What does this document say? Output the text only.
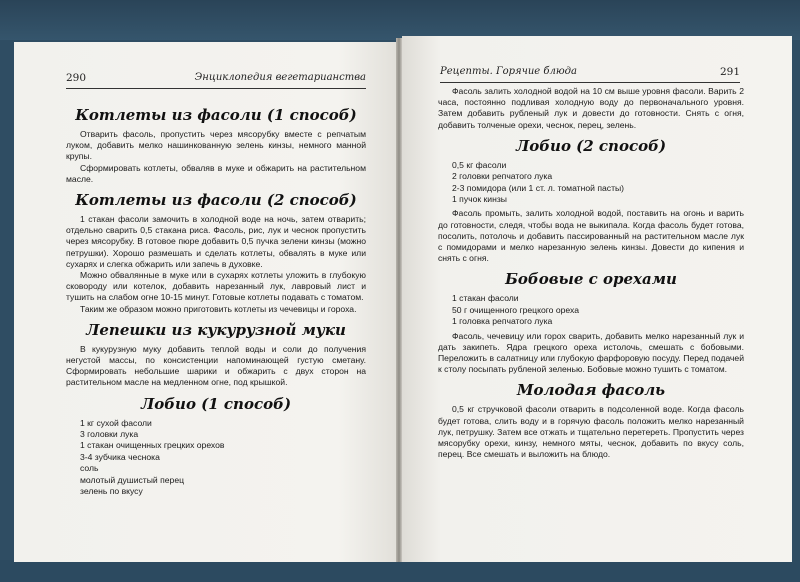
290	Энциклопедия вегетарианства
Котлеты из фасоли (1 способ)

Отварить фасоль, пропустить через мясорубку вместе с репчатым луком, добавить мелко нашинкованную зелень кинзы, немного манной крупы.

Сформировать котлеты, обваляв в муке и обжарить на растительном масле.

Котлеты из фасоли (2 способ)

1 стакан фасоли замочить в холодной воде на ночь, затем отварить; отдельно сварить 0,5 стакана риса. Фасоль, рис, лук и чеснок пропустить через мясорубку. В готовое пюре добавить 0,5 пучка зелени кинзы (можно петрушки). Хорошо размешать и сделать котлеты, обвалять в муке или сухарях и слегка обжарить или запечь в духовке.

Можно обвалянные в муке или в сухарях котлеты уложить в глубокую сковороду или котелок, добавить нарезанный лук, лавровый лист и тушить на слабом огне 10-15 минут. Готовые котлеты подавать с томатом.

Таким же образом можно приготовить котлеты из чечевицы и гороха.

Лепешки из кукурузной муки

В кукурузную муку добавить теплой воды и соли до получения негустой массы, по консистенции напоминающей густую сметану. Сформировать небольшие шарики и обжарить с двух сторон на растительном масле на медленном огне, под крышкой.

Лобио (1 способ)
1 кг сухой фасоли
3 головки лука
1 стакан очищенных грецких орехов
3-4 зубчика чеснока
соль
молотый душистый перец
зелень по вкусу
Рецепты. Горячие блюда	291

Фасоль залить холодной водой на 10 см выше уровня фасоли. Варить 2 часа, постоянно подливая холодную воду до первоначального уровня. Затем добавить рубленый лук и довести до готовности. Снять с огня, добавить толченые орехи, чеснок, перец, зелень.

Лобио (2 способ)
0,5 кг фасоли
2 головки репчатого лука
2-3 помидора (или 1 ст. л. томатной пасты)
1 пучок кинзы

Фасоль промыть, залить холодной водой, поставить на огонь и варить до готовности, следя, чтобы вода не выкипала. Когда фасоль будет готова, посолить, потолочь и добавить пассированный на растительном масле лук с помидорами и мелко нарезанную зелень кинзы. Довести до кипения и снять с огня.

Бобовые с орехами
1 стакан фасоли
50 г очищенного грецкого ореха
1 головка репчатого лука

Фасоль, чечевицу или горох сварить, добавить мелко нарезанный лук и дать закипеть. Ядра грецкого ореха истолочь, смешать с бобовыми. Переложить в салатницу или глубокую фарфоровую посуду. Перед подачей к столу посыпать рубленой зеленью. Бобовые можно тушить с томатом.

Молодая фасоль

0,5 кг стручковой фасоли отварить в подсоленной воде. Когда фасоль будет готова, слить воду и в горячую фасоль положить мелко нарезанный лук, петрушку. Затем все отжать и тщательно перетереть. Пропустить через мясорубку орехи, кинзу, немного мяты, чеснок, добавить по вкусу соль, перец. Все смешать и выложить на блюдо.
